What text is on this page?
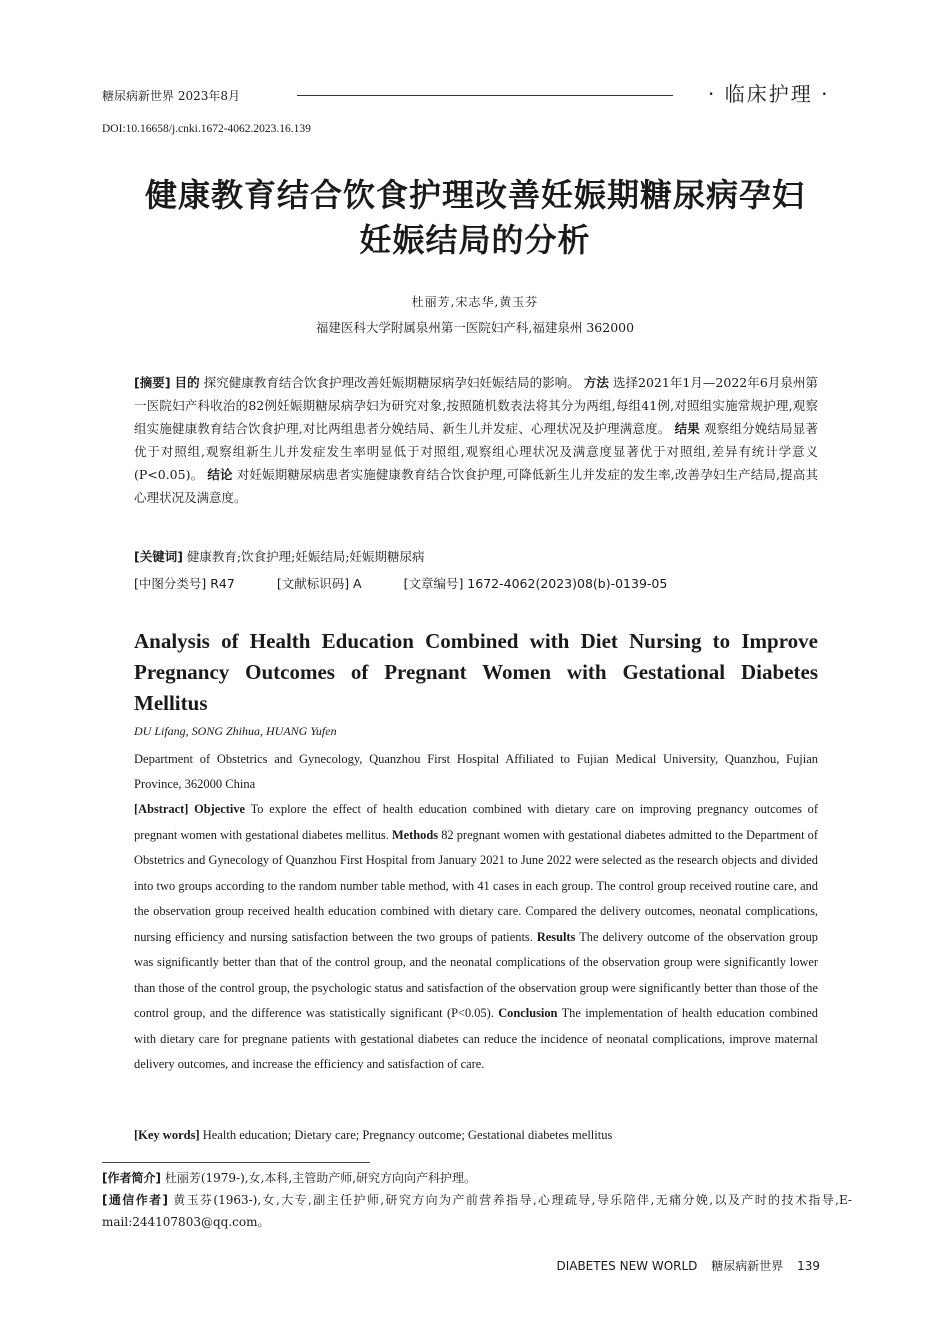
糖尿病新世界 2023年8月	· 临床护理 ·
DOI:10.16658/j.cnki.1672-4062.2023.16.139
健康教育结合饮食护理改善妊娠期糖尿病孕妇
妊娠结局的分析
杜丽芳,宋志华,黄玉芬
福建医科大学附属泉州第一医院妇产科,福建泉州 362000
[摘要] 目的 探究健康教育结合饮食护理改善妊娠期糖尿病孕妇妊娠结局的影响。 方法 选择2021年1月—2022年6月泉州第一医院妇产科收治的82例妊娠期糖尿病孕妇为研究对象,按照随机数表法将其分为两组,每组41例,对照组实施常规护理,观察组实施健康教育结合饮食护理,对比两组患者分娩结局、新生儿并发症、心理状况及护理满意度。 结果 观察组分娩结局显著优于对照组,观察组新生儿并发症发生率明显低于对照组,观察组心理状况及满意度显著优于对照组,差异有统计学意义(P<0.05)。 结论 对妊娠期糖尿病患者实施健康教育结合饮食护理,可降低新生儿并发症的发生率,改善孕妇生产结局,提高其心理状况及满意度。
[关键词] 健康教育;饮食护理;妊娠结局;妊娠期糖尿病
[中图分类号] R47	[文献标识码] A	[文章编号] 1672-4062(2023)08(b)-0139-05
Analysis of Health Education Combined with Diet Nursing to Improve Pregnancy Outcomes of Pregnant Women with Gestational Diabetes Mellitus
DU Lifang, SONG Zhihua, HUANG Yufen
Department of Obstetrics and Gynecology, Quanzhou First Hospital Affiliated to Fujian Medical University, Quanzhou, Fujian Province, 362000 China
[Abstract] Objective To explore the effect of health education combined with dietary care on improving pregnancy outcomes of pregnant women with gestational diabetes mellitus. Methods 82 pregnant women with gestational diabetes admitted to the Department of Obstetrics and Gynecology of Quanzhou First Hospital from January 2021 to June 2022 were selected as the research objects and divided into two groups according to the random number table method, with 41 cases in each group. The control group received routine care, and the observation group received health education combined with dietary care. Compared the delivery outcomes, neonatal complications, nursing efficiency and nursing satisfaction between the two groups of patients. Results The delivery outcome of the observation group was significantly better than that of the control group, and the neonatal complications of the observation group were significantly lower than those of the control group, the psychologic status and satisfaction of the observation group were significantly better than those of the control group, and the difference was statistically significant (P<0.05). Conclusion The implementation of health education combined with dietary care for pregnane patients with gestational diabetes can reduce the incidence of neonatal complications, improve maternal delivery outcomes, and increase the efficiency and satisfaction of care.
[Key words] Health education; Dietary care; Pregnancy outcome; Gestational diabetes mellitus
[作者简介] 杜丽芳(1979-),女,本科,主管助产师,研究方向向产科护理。
[通信作者] 黄玉芬(1963-),女,大专,副主任护师,研究方向为产前营养指导,心理疏导,导乐陪伴,无痛分娩,以及产时的技术指导,E-mail:244107803@qq.com。
DIABETES NEW WORLD 糖尿病新世界 139
